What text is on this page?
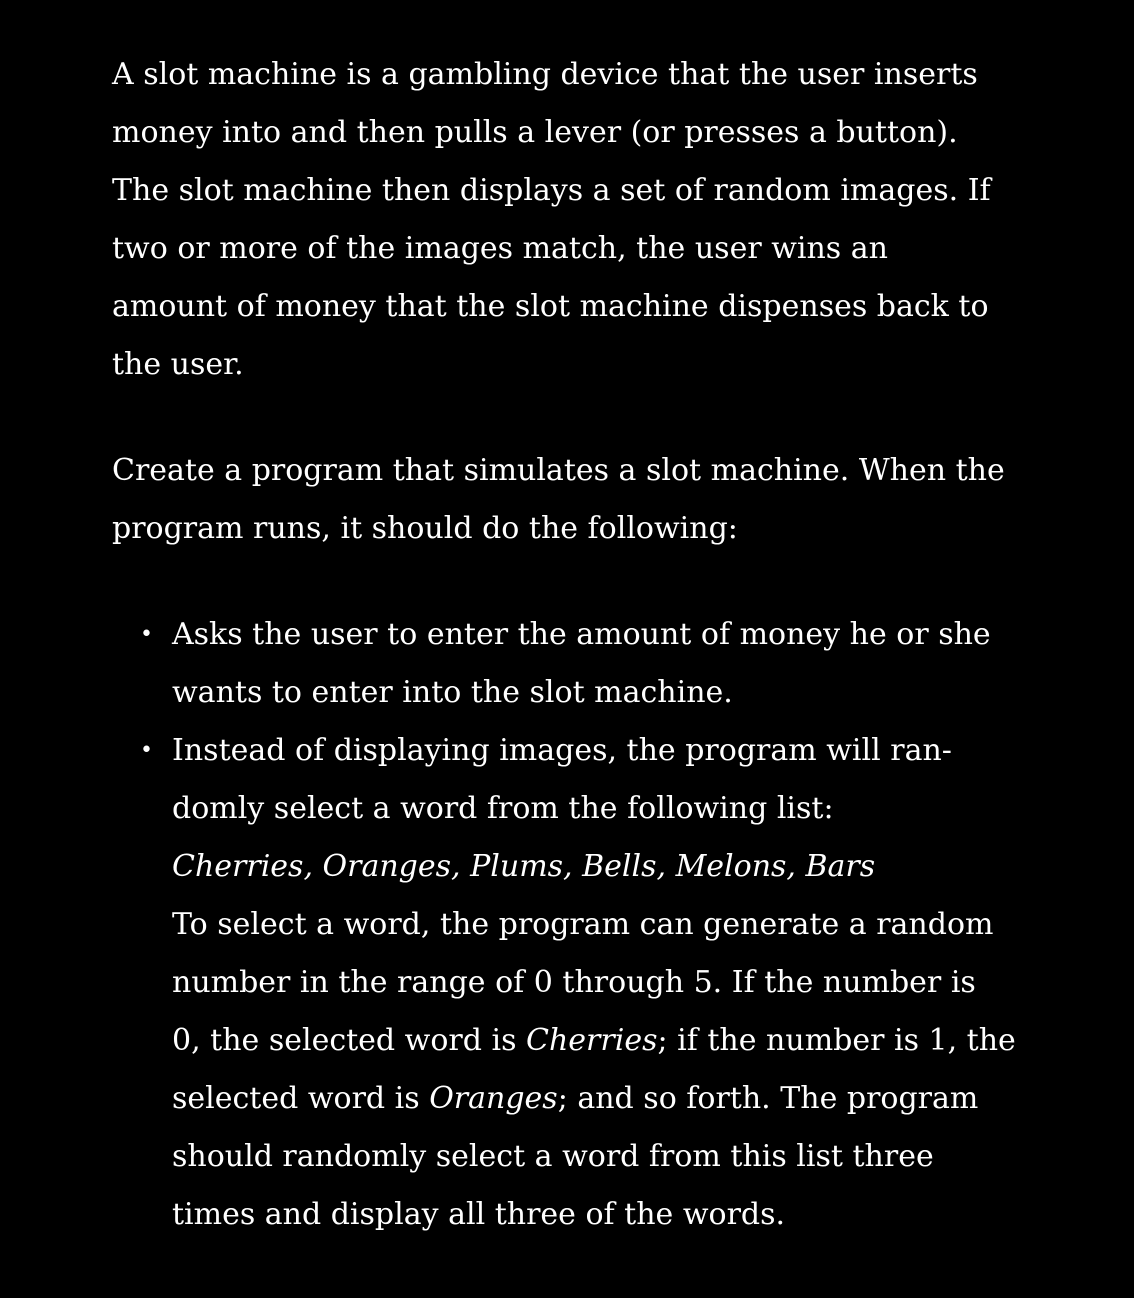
A slot machine is a gambling device that the user inserts
money into and then pulls a lever (or presses a button).
The slot machine then displays a set of random images. If
two or more of the images match, the user wins an
amount of money that the slot machine dispenses back to
the user.

Create a program that simulates a slot machine. When the
program runs, it should do the following:

• Asks the user to enter the amount of money he or she
wants to enter into the slot machine.
• Instead of displaying images, the program will ran-
domly select a word from the following list:
Cherries, Oranges, Plums, Bells, Melons, Bars
To select a word, the program can generate a random
number in the range of 0 through 5. If the number is
0, the selected word is Cherries; if the number is 1, the
selected word is Oranges; and so forth. The program
should randomly select a word from this list three
times and display all three of the words.
